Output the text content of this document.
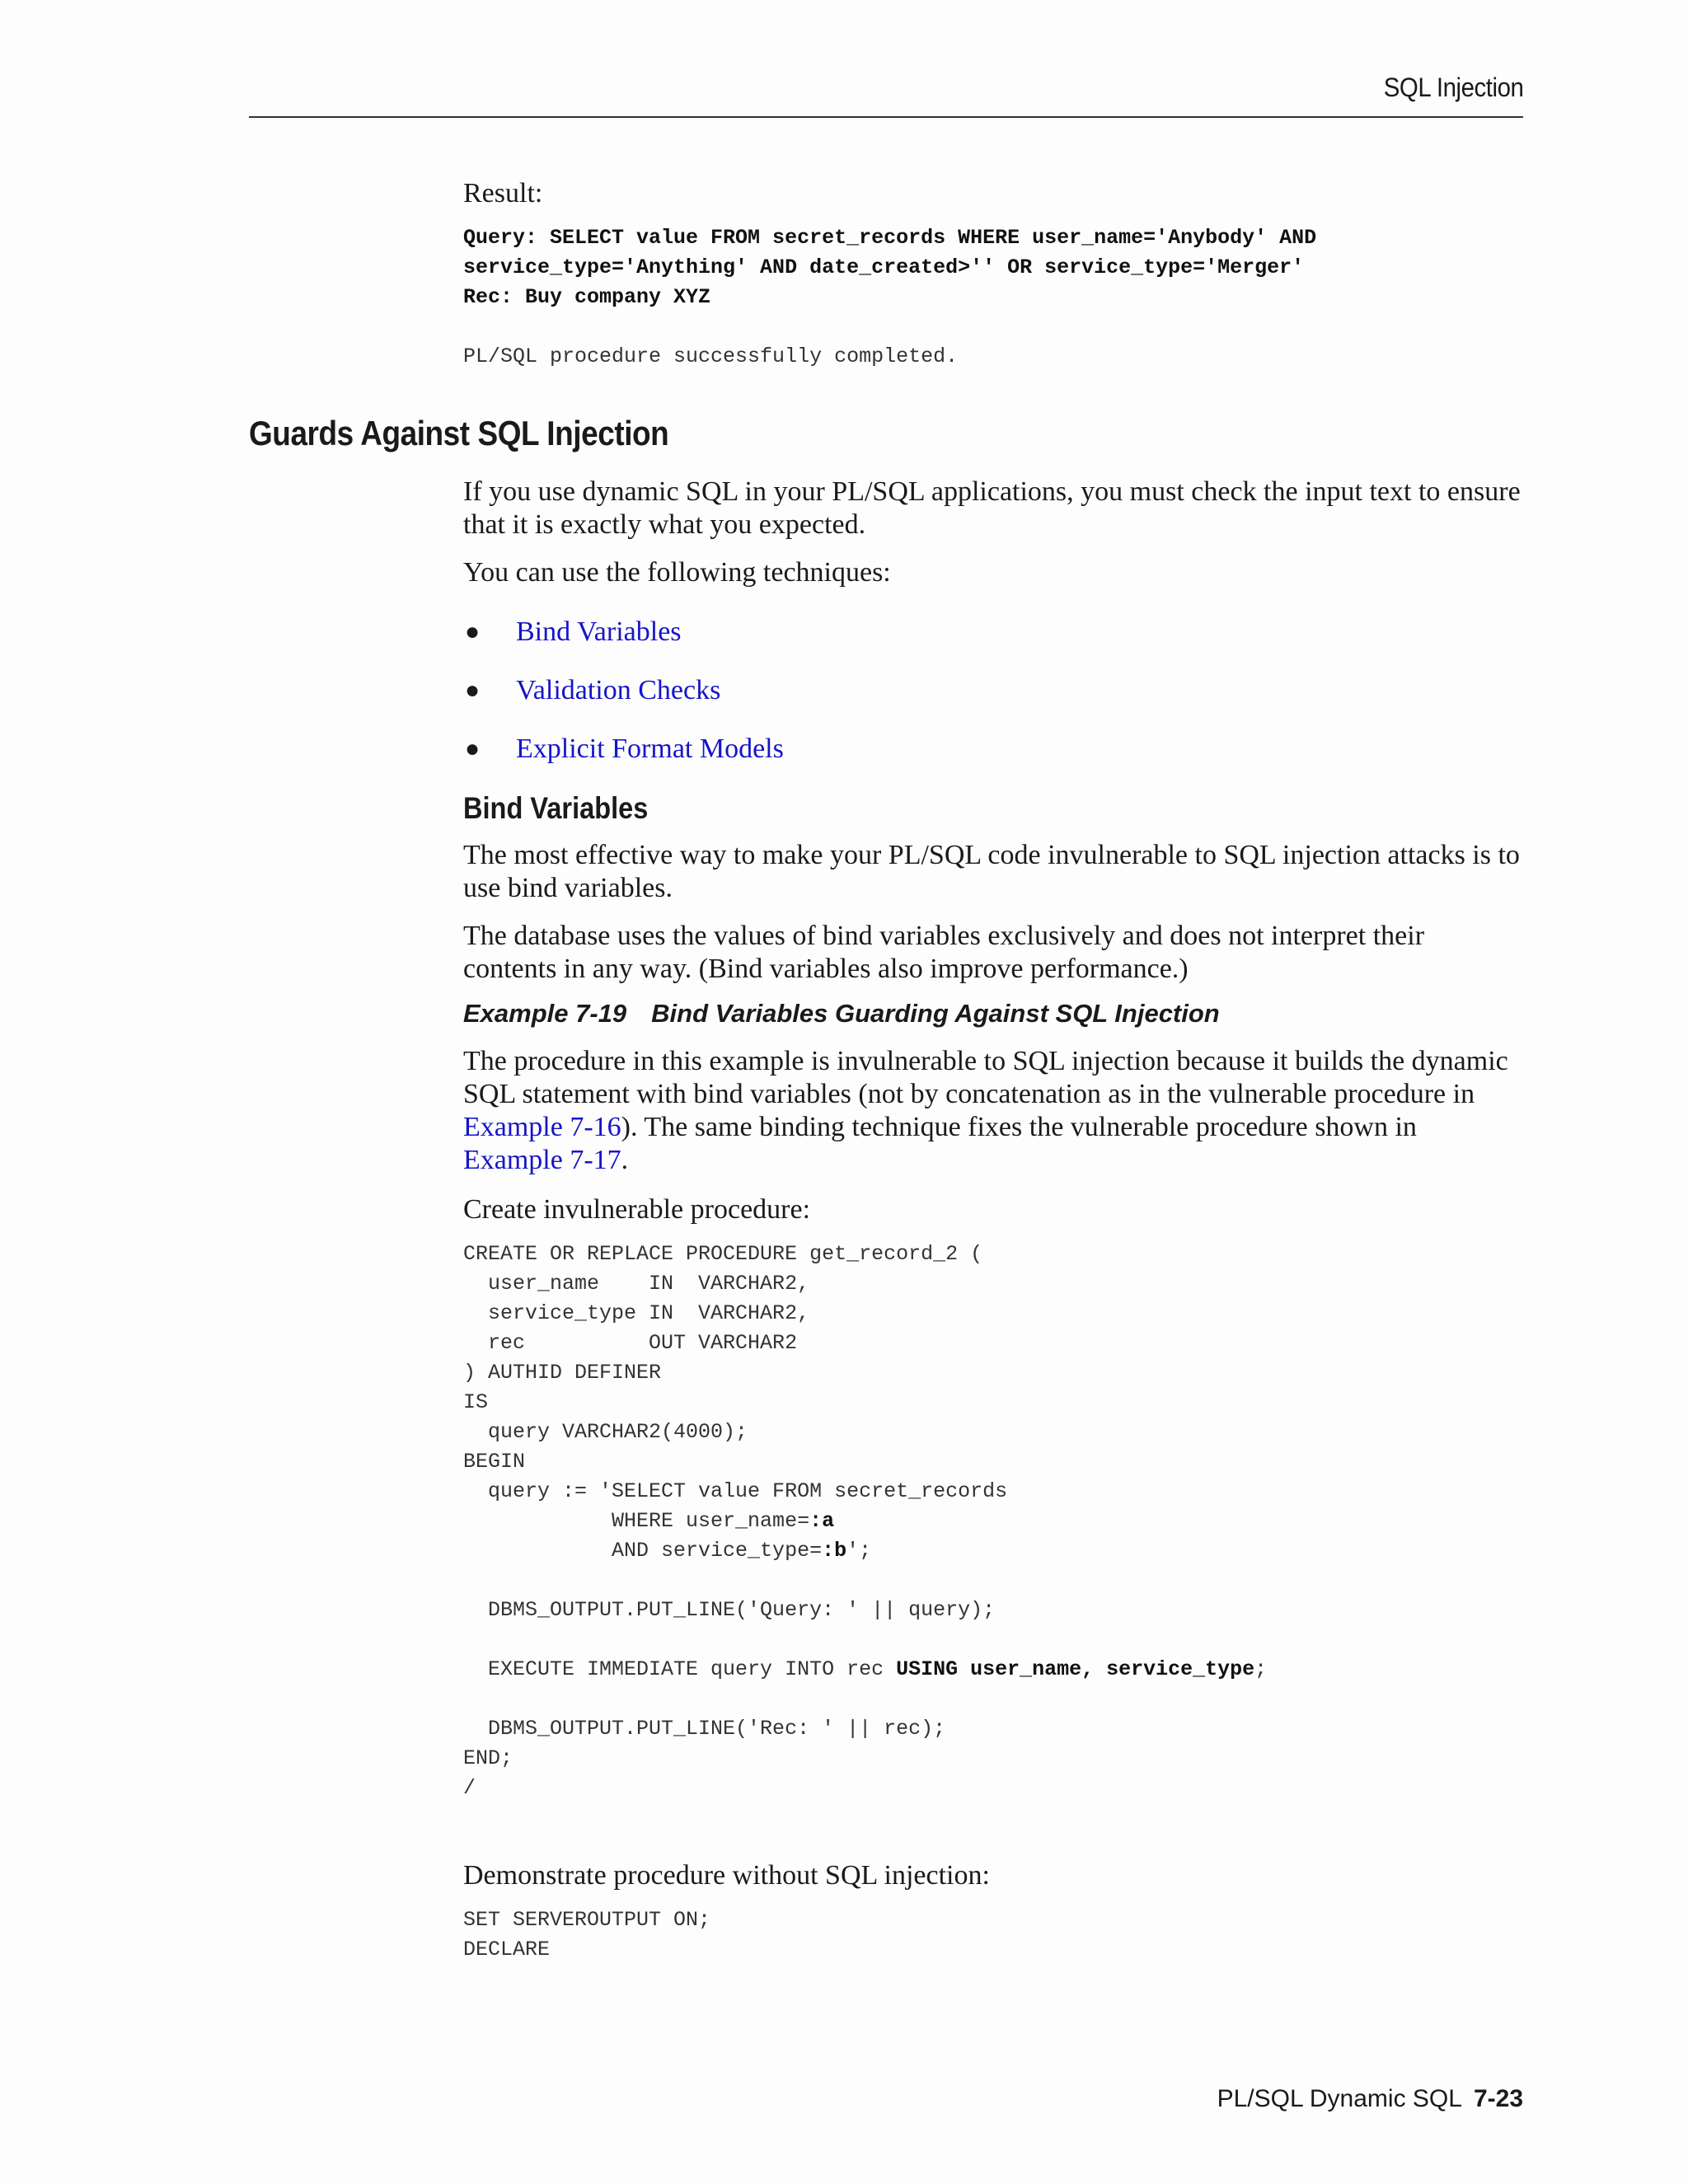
SQL Injection

Result:

Query: SELECT value FROM secret_records WHERE user_name='Anybody' AND
service_type='Anything' AND date_created>'' OR service_type='Merger'
Rec: Buy company XYZ
PL/SQL procedure successfully completed.
Guards Against SQL Injection

If you use dynamic SQL in your PL/SQL applications, you must check the input text to ensure that it is exactly what you expected.

You can use the following techniques:

● Bind Variables
● Validation Checks
● Explicit Format Models
Bind Variables

The most effective way to make your PL/SQL code invulnerable to SQL injection attacks is to use bind variables.

The database uses the values of bind variables exclusively and does not interpret their contents in any way. (Bind variables also improve performance.)

Example 7-19 Bind Variables Guarding Against SQL Injection

The procedure in this example is invulnerable to SQL injection because it builds the dynamic SQL statement with bind variables (not by concatenation as in the vulnerable procedure in Example 7-16). The same binding technique fixes the vulnerable procedure shown in Example 7-17.

Create invulnerable procedure:

CREATE OR REPLACE PROCEDURE get_record_2 (
user_name    IN  VARCHAR2,
service_type IN  VARCHAR2,
rec          OUT VARCHAR2
) AUTHID DEFINER
IS
query VARCHAR2(4000);
BEGIN
query := 'SELECT value FROM secret_records
WHERE user_name=:a
AND service_type=:b';

DBMS_OUTPUT.PUT_LINE('Query: ' || query);

EXECUTE IMMEDIATE query INTO rec USING user_name, service_type;

DBMS_OUTPUT.PUT_LINE('Rec: ' || rec);
END;
/

Demonstrate procedure without SQL injection:

SET SERVEROUTPUT ON;
DECLARE
PL/SQL Dynamic SQL 7-23
